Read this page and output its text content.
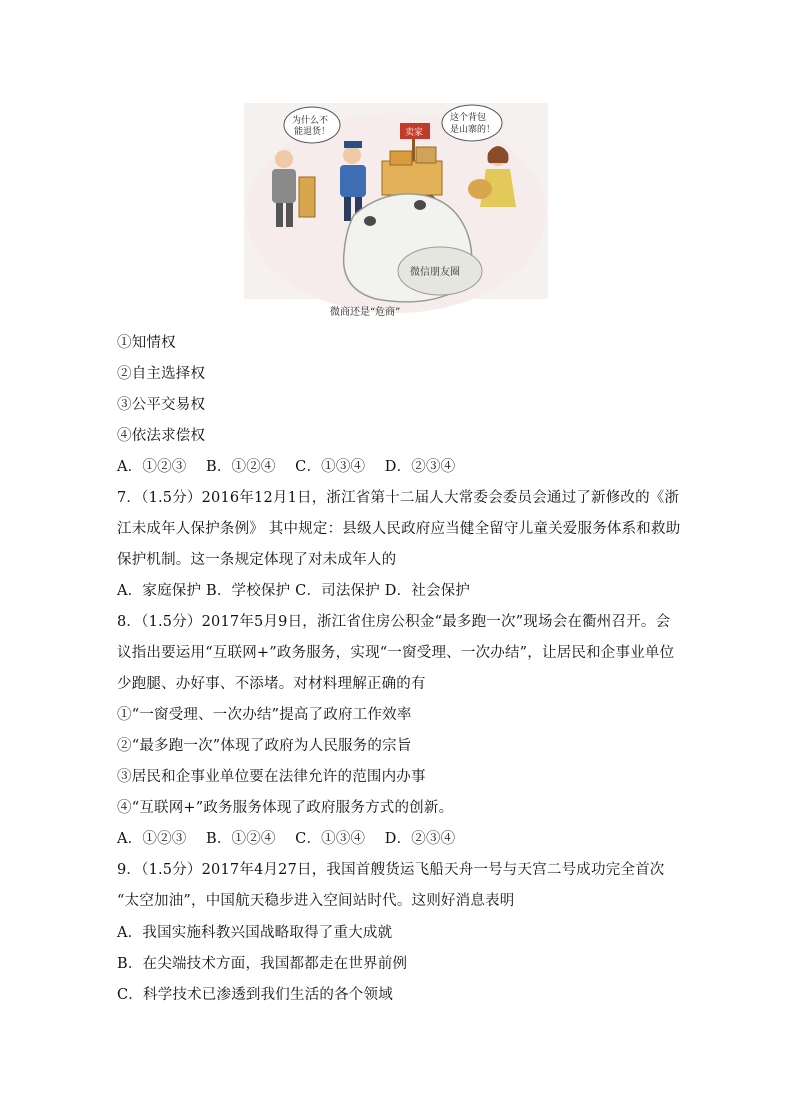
为什么不
能退货！
这个背包
是山寨的！
卖家
微信朋友圈
微商还是“危商”
①知情权
②自主选择权
③公平交易权
④依法求偿权
A．①②③　 B．①②④　 C．①③④　 D．②③④
7．（1.5分）2016年12月1日，浙江省第十二届人大常委会委员会通过了新修改的《浙
江未成年人保护条例》 其中规定：县级人民政府应当健全留守儿童关爱服务体系和救助
保护机制。这一条规定体现了对未成年人的
A．家庭保护 B．学校保护 C．司法保护 D．社会保护
8．（1.5分）2017年5月9日，浙江省住房公积金“最多跑一次”现场会在衢州召开。会
议指出要运用“互联网+”政务服务，实现“一窗受理、一次办结”，让居民和企事业单位
少跑腿、办好事、不添堵。对材料理解正确的有
①“一窗受理、一次办结”提高了政府工作效率
②“最多跑一次”体现了政府为人民服务的宗旨
③居民和企事业单位要在法律允许的范围内办事
④“互联网+”政务服务体现了政府服务方式的创新。
A．①②③　 B．①②④　 C．①③④　 D．②③④
9．（1.5分）2017年4月27日，我国首艘货运飞船天舟一号与天宫二号成功完全首次
“太空加油”，中国航天稳步进入空间站时代。这则好消息表明
A．我国实施科教兴国战略取得了重大成就
B．在尖端技术方面，我国都都走在世界前例
C．科学技术已渗透到我们生活的各个领域
